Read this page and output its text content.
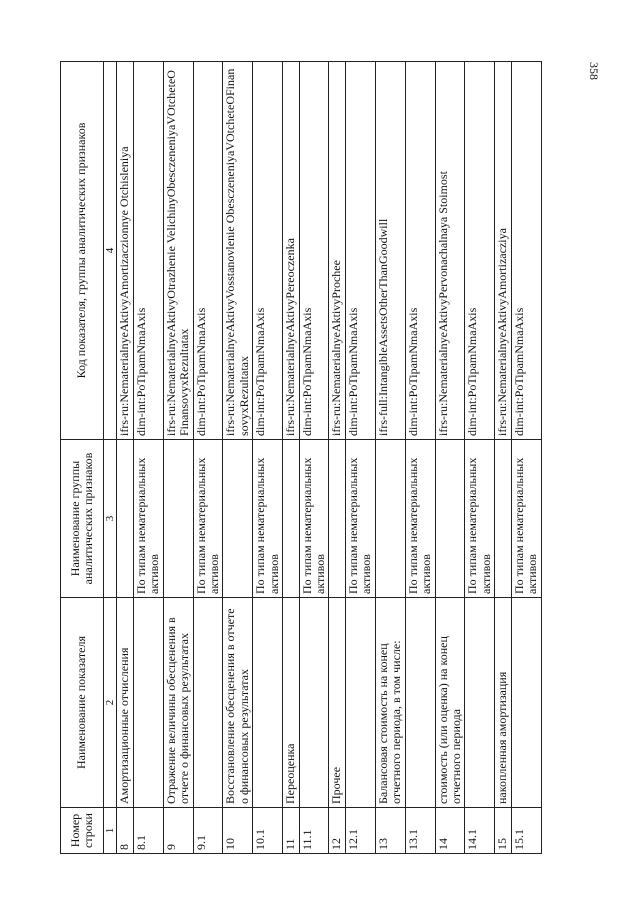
358
Номер строки	Наименование показателя	Наименование группы аналитических признаков	Код показателя, группы аналитических признаков
1	2	3	4
8	Амортизационные отчисления		ifrs-ru:NematerialnyeAktivyAmortizaczionnye Otchisleniya
8.1		По типам нематериальных активов	dim-int:PoTipamNmaAxis
9	Отражение величины обесценения в отчете о финансовых результатах		ifrs-ru:NematerialnyeAktivyOtrazhenie VelichinyObesczeneniyaVOtcheteOFinansovyxRezultatax
9.1		По типам нематериальных активов	dim-int:PoTipamNmaAxis
10	Восстановление обесценения в отчете о финансовых результатах		ifrs-ru:NematerialnyeAktivyVosstanovlenie ObesczeneniyaVOtcheteOFinansovyxRezultatax
10.1		По типам нематериальных активов	dim-int:PoTipamNmaAxis
11	Переоценка		ifrs-ru:NematerialnyeAktivyPereoczenka
11.1		По типам нематериальных активов	dim-int:PoTipamNmaAxis
12	Прочее		ifrs-ru:NematerialnyeAktivyProchee
12.1		По типам нематериальных активов	dim-int:PoTipamNmaAxis
13	Балансовая стоимость на конец отчетного периода, в том числе:		ifrs-full:IntangibleAssetsOtherThanGoodwill
13.1		По типам нематериальных активов	dim-int:PoTipamNmaAxis
14	стоимость (или оценка) на конец отчетного периода		ifrs-ru:NematerialnyeAktivyPervonachalnaya Stoimost
14.1		По типам нематериальных активов	dim-int:PoTipamNmaAxis
15	накопленная амортизация		ifrs-ru:NematerialnyeAktivyAmortizacziya
15.1		По типам нематериальных активов	dim-int:PoTipamNmaAxis
